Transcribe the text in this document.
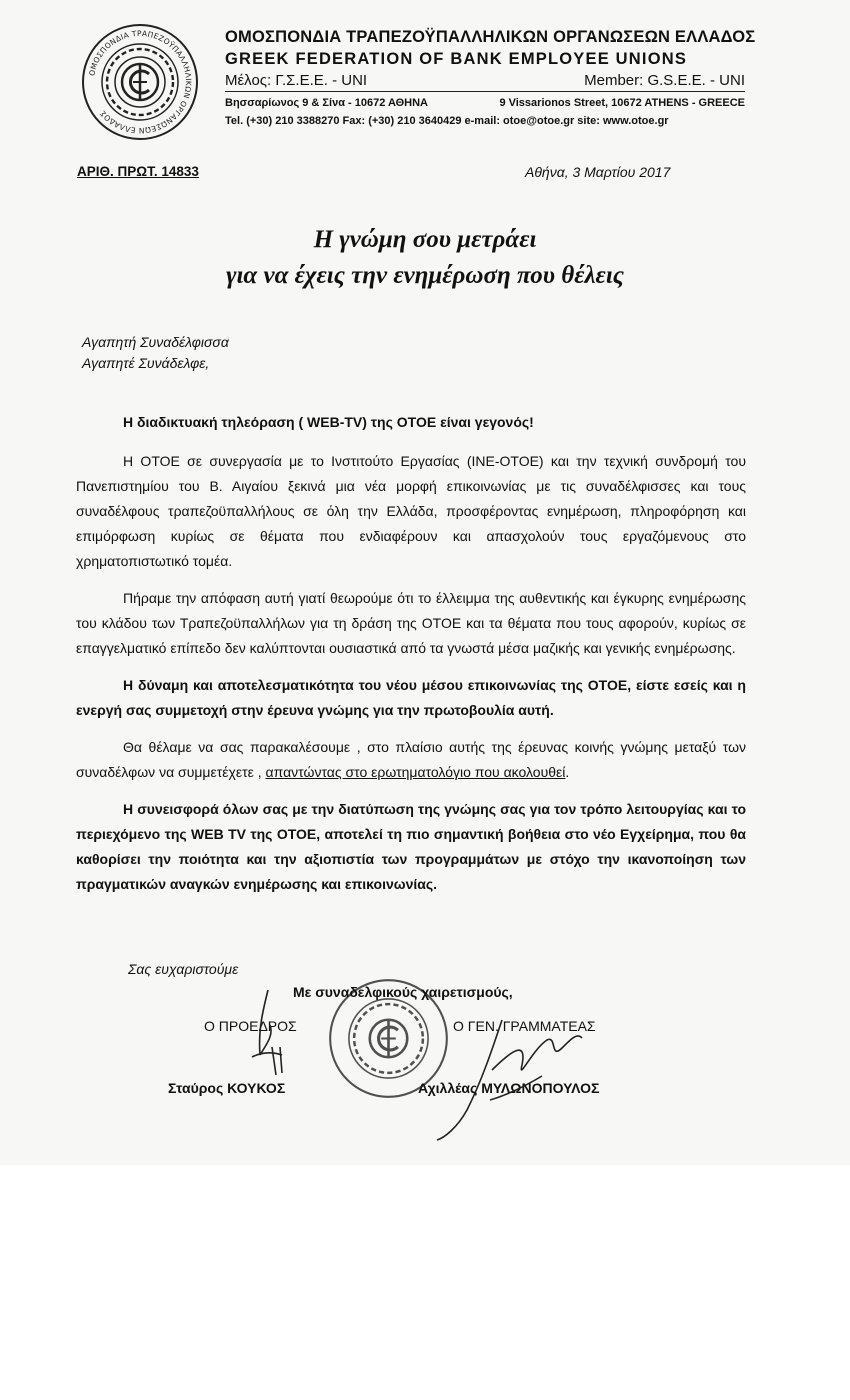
ΟΜΟΣΠΟΝΔΙΑ ΤΡΑΠΕΖΟΫΠΑΛΛΗΛΙΚΩΝ ΟΡΓΑΝΩΣΕΩΝ ΕΛΛΑΔΟΣ
ΟΜΟΣΠΟΝΔΙΑ ΤΡΑΠΕΖΟΫΠΑΛΛΗΛΙΚΩΝ ΟΡΓΑΝΩΣΕΩΝ ΕΛΛΑΔΟΣ
GREEK FEDERATION OF BANK EMPLOYEE UNIONS
Μέλος: Γ.Σ.Ε.Ε. - UNI	Member: G.S.E.E. - UNI
Βησσαρίωνος 9 & Σίνα - 10672 ΑΘΗΝΑ	9 Vissarionos Street, 10672 ATHENS - GREECE
Tel. (+30) 210 3388270 Fax: (+30) 210 3640429 e-mail: otoe@otoe.gr site: www.otoe.gr
ΑΡΙΘ. ΠΡΩΤ. 14833	Αθήνα, 3 Μαρτίου 2017
Η γνώμη σου μετράει
για να έχεις την ενημέρωση που θέλεις
Αγαπητή Συναδέλφισσα
Αγαπητέ Συνάδελφε,

Η διαδικτυακή τηλεόραση ( WEB-TV) της ΟΤΟΕ είναι γεγονός!

Η ΟΤΟΕ σε συνεργασία με το Ινστιτούτο Εργασίας (ΙΝΕ-ΟΤΟΕ) και την τεχνική συνδρομή του Πανεπιστημίου του Β. Αιγαίου ξεκινά μια νέα μορφή επικοινωνίας με τις συναδέλφισσες και τους συναδέλφους τραπεζοϋπαλλήλους σε όλη την Ελλάδα, προσφέροντας ενημέρωση, πληροφόρηση και επιμόρφωση κυρίως σε θέματα που ενδιαφέρουν και απασχολούν τους εργαζόμενους στο χρηματοπιστωτικό τομέα.

Πήραμε την απόφαση αυτή γιατί θεωρούμε ότι το έλλειμμα της αυθεντικής και έγκυρης ενημέρωσης του κλάδου των Τραπεζοϋπαλλήλων για τη δράση της ΟΤΟΕ και τα θέματα που τους αφορούν, κυρίως σε επαγγελματικό επίπεδο δεν καλύπτονται ουσιαστικά από τα γνωστά μέσα μαζικής και γενικής ενημέρωσης.

Η δύναμη και αποτελεσματικότητα του νέου μέσου επικοινωνίας της ΟΤΟΕ, είστε εσείς και η ενεργή σας συμμετοχή στην έρευνα γνώμης για την πρωτοβουλία αυτή.

Θα θέλαμε να σας παρακαλέσουμε , στο πλαίσιο αυτής της έρευνας κοινής γνώμης μεταξύ των συναδέλφων να συμμετέχετε , απαντώντας στο ερωτηματολόγιο που ακολουθεί.

Η συνεισφορά όλων σας με την διατύπωση της γνώμης σας για τον τρόπο λειτουργίας και το περιεχόμενο της WEB TV της ΟΤΟΕ, αποτελεί τη πιο σημαντική βοήθεια στο νέο Εγχείρημα, που θα καθορίσει την ποιότητα και την αξιοπιστία των προγραμμάτων με στόχο την ικανοποίηση των πραγματικών αναγκών ενημέρωσης και επικοινωνίας.

Σας ευχαριστούμε
Με συναδελφικούς χαιρετισμούς,
Ο ΠΡΟΕΔΡΟΣ	Ο ΓΕΝ. ΓΡΑΜΜΑΤΕΑΣ
Σταύρος ΚΟΥΚΟΣ	Αχιλλέας ΜΥΛΩΝΟΠΟΥΛΟΣ
